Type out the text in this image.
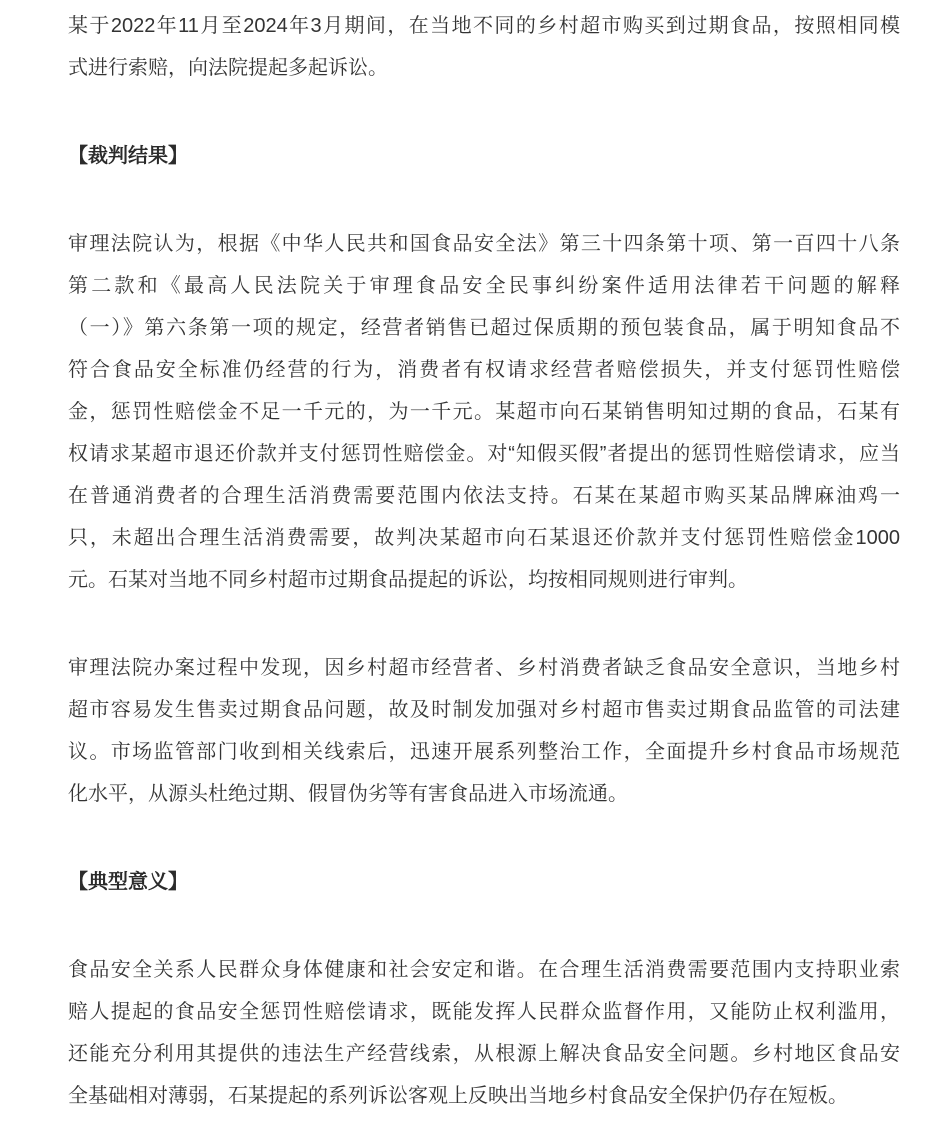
某于2022年11月至2024年3月期间，在当地不同的乡村超市购买到过期食品，按照相同模
式进行索赔，向法院提起多起诉讼。
【裁判结果】
审理法院认为，根据《中华人民共和国食品安全法》第三十四条第十项、第一百四十八条
第二款和《最高人民法院关于审理食品安全民事纠纷案件适用法律若干问题的解释
（一）》第六条第一项的规定，经营者销售已超过保质期的预包装食品，属于明知食品不
符合食品安全标准仍经营的行为，消费者有权请求经营者赔偿损失，并支付惩罚性赔偿
金，惩罚性赔偿金不足一千元的，为一千元。某超市向石某销售明知过期的食品，石某有
权请求某超市退还价款并支付惩罚性赔偿金。对“知假买假”者提出的惩罚性赔偿请求，应当
在普通消费者的合理生活消费需要范围内依法支持。石某在某超市购买某品牌麻油鸡一
只，未超出合理生活消费需要，故判决某超市向石某退还价款并支付惩罚性赔偿金1000
元。石某对当地不同乡村超市过期食品提起的诉讼，均按相同规则进行审判。
审理法院办案过程中发现，因乡村超市经营者、乡村消费者缺乏食品安全意识，当地乡村
超市容易发生售卖过期食品问题，故及时制发加强对乡村超市售卖过期食品监管的司法建
议。市场监管部门收到相关线索后，迅速开展系列整治工作，全面提升乡村食品市场规范
化水平，从源头杜绝过期、假冒伪劣等有害食品进入市场流通。
【典型意义】
食品安全关系人民群众身体健康和社会安定和谐。在合理生活消费需要范围内支持职业索
赔人提起的食品安全惩罚性赔偿请求，既能发挥人民群众监督作用，又能防止权利滥用，
还能充分利用其提供的违法生产经营线索，从根源上解决食品安全问题。乡村地区食品安
全基础相对薄弱，石某提起的系列诉讼客观上反映出当地乡村食品安全保护仍存在短板。
